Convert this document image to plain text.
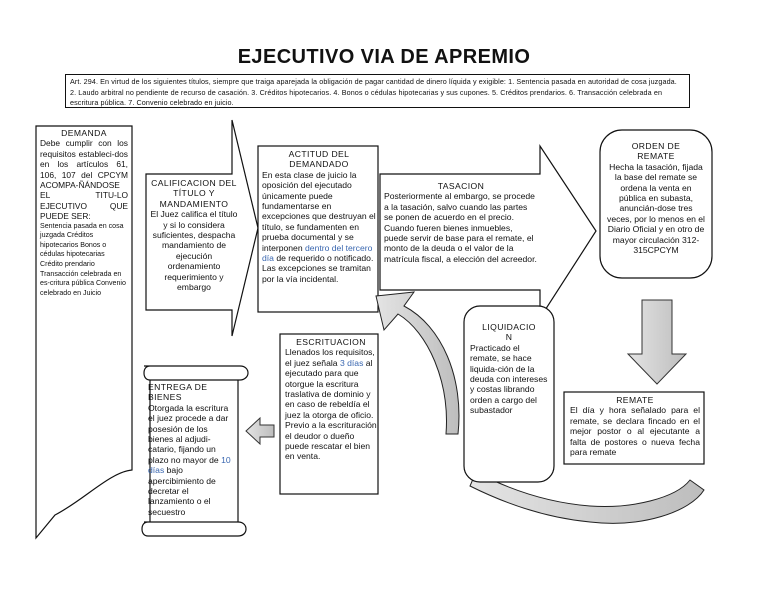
EJECUTIVO VIA DE APREMIO
Art. 294. En virtud de los siguientes títulos, siempre que traiga aparejada la obligación de pagar cantidad de dinero líquida y exigible: 1. Sentencia pasada en autoridad de cosa juzgada. 2. Laudo arbitral no pendiente de recurso de casación. 3. Créditos hipotecarios. 4. Bonos o cédulas hipotecarias y sus cupones. 5. Créditos prendarios. 6. Transacción celebrada en escritura pública. 7. Convenio celebrado en juicio.
DEMANDA
Debe cumplir con los requisitos estableci-dos en los artículos 61, 106, 107 del CPCYM ACOMPA-ÑÁNDOSE EL TITU-LO EJECUTIVO QUE PUEDE SER:
Sentencia pasada en cosa juzgada Créditos hipotecarios Bonos o cédulas hipotecarias Crédito prendario Transacción celebrada en es-critura pública Convenio celebrado en Juicio
CALIFICACION DEL TÍTULO Y MANDAMIENTO
El Juez califica el título y si lo considera suficientes, despacha mandamiento de ejecución ordenamiento requerimiento y embargo
ACTITUD DEL DEMANDADO
En esta clase de juicio la oposición del ejecutado únicamente puede fundamentarse en excepciones que destruyan el título, se fundamenten en prueba documental y se interponen dentro del tercero día de requerido o notificado.
Las excepciones se tramitan por la vía incidental.
TASACION
Posteriormente al embargo, se procede a la tasación, salvo cuando las partes se ponen de acuerdo en el precio. Cuando fueren bienes inmuebles, puede servir de base para el remate, el monto de la deuda o el valor de la matrícula fiscal, a elección del acreedor.
ORDEN DE REMATE
Hecha la tasación, fijada la base del remate se ordena la venta en pública en subasta, anuncián-dose tres veces, por lo menos en el Diario Oficial y en otro de mayor circulación 312-315CPCYM
REMATE
El día y hora señalado para el remate, se declara fincado en el mejor postor o al ejecutante a falta de postores o nueva fecha para remate
LIQUIDACIO N
Practicado el remate, se hace liquida-ción de la deuda con intereses y costas librando orden a cargo del subastador
ESCRITUACION
Llenados los requisitos, el juez señala 3 días al ejecutado para que otorgue la escritura traslativa de dominio y en caso de rebeldía el juez la otorga de oficio.
Previo a la escrituración el deudor o dueño puede rescatar el bien en venta.
ENTREGA DE BIENES
Otorgada la escritura el juez procede a dar posesión de los bienes al adjudi-catario, fijando un plazo no mayor de 10 días bajo apercibimiento de decretar el lanzamiento o el secuestro
